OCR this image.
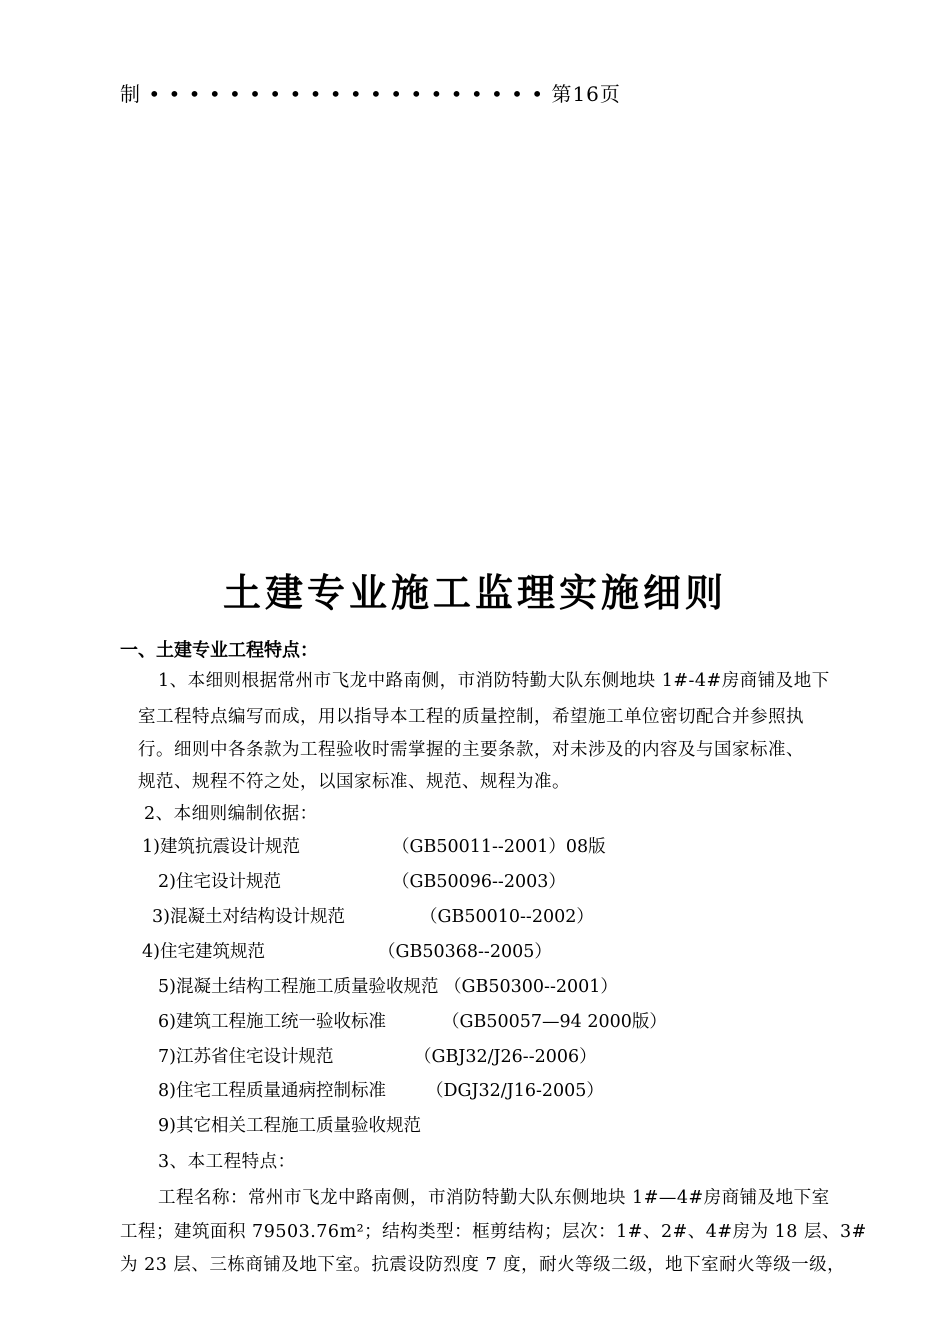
制 • • • • • • • • • • • • • • • • • • • • 第16页
土建专业施工监理实施细则
一、土建专业工程特点：
1、本细则根据常州市飞龙中路南侧，市消防特勤大队东侧地块 1#-4#房商铺及地下
室工程特点编写而成，用以指导本工程的质量控制，希望施工单位密切配合并参照执
行。细则中各条款为工程验收时需掌握的主要条款，对未涉及的内容及与国家标准、
规范、规程不符之处，以国家标准、规范、规程为准。
2、本细则编制依据：
1)建筑抗震设计规范	（GB50011--2001）08版
2)住宅设计规范	（GB50096--2003）
3)混凝土对结构设计规范	（GB50010--2002）
4)住宅建筑规范	（GB50368--2005）
5)混凝土结构工程施工质量验收规范 （GB50300--2001）
6)建筑工程施工统一验收标准	（GB50057—94 2000版）
7)江苏省住宅设计规范	（GBJ32/J26--2006）
8)住宅工程质量通病控制标准 （DGJ32/J16-2005）
9)其它相关工程施工质量验收规范
3、本工程特点：
工程名称：常州市飞龙中路南侧，市消防特勤大队东侧地块 1#—4#房商铺及地下室
工程；建筑面积 79503.76m²；结构类型：框剪结构；层次：1#、2#、4#房为 18 层、3#
为 23 层、三栋商铺及地下室。抗震设防烈度 7 度，耐火等级二级，地下室耐火等级一级，
